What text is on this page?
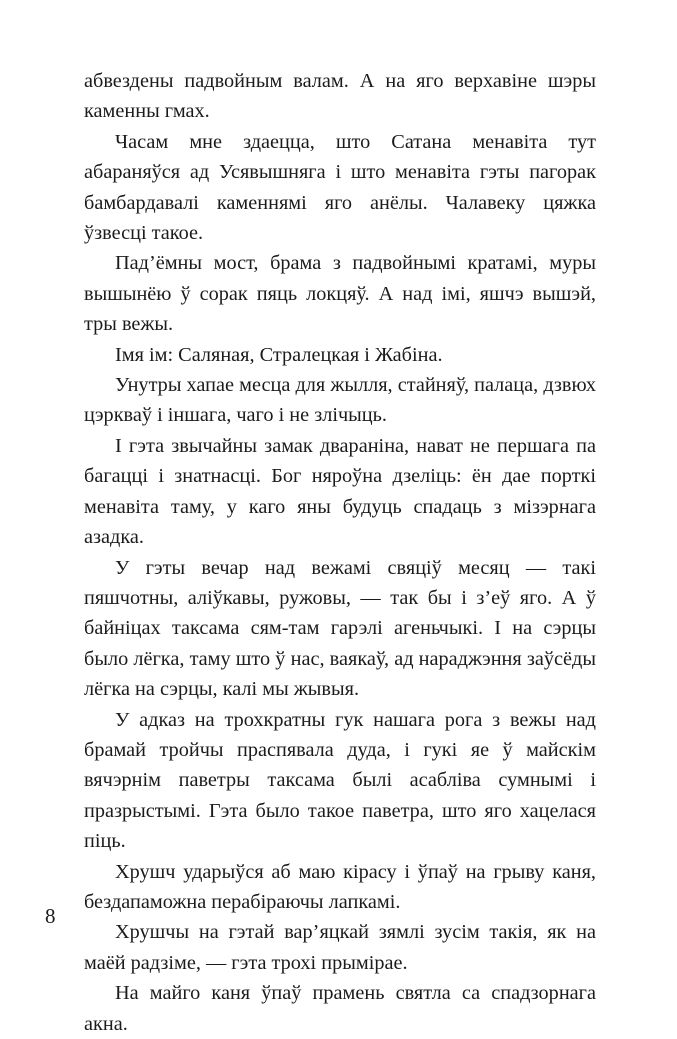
абвездены падвойным валам. А на яго верхавіне шэры каменны гмах.

Часам мне здаецца, што Сатана менавіта тут абараняўся ад Усявышняга і што менавіта гэты пагорак бамбардавалі каменнямі яго анёлы. Чалавеку цяжка ўзвесці такое.

Пад’ёмны мост, брама з падвойнымі кратамі, муры вышынёю ў сорак пяць локцяў. А над імі, яшчэ вышэй, тры вежы.

Імя ім: Саляная, Стралецкая і Жабіна.

Унутры хапае месца для жылля, стайняў, палаца, дзвюх цэркваў і іншага, чаго і не злічыць.

І гэта звычайны замак двараніна, нават не першага па багацці і знатнасці. Бог няроўна дзеліць: ён дае порткі менавіта таму, у каго яны будуць спадаць з мізэрнага азадка.

У гэты вечар над вежамі свяціў месяц — такі пяшчотны, аліўкавы, ружовы, — так бы і з’еў яго. А ў байніцах таксама сям-там гарэлі агеньчыкі. І на сэрцы было лёгка, таму што ў нас, ваякаў, ад нараджэння заўсёды лёгка на сэрцы, калі мы жывыя.

У адказ на трохкратны гук нашага рога з вежы над брамай тройчы праспявала дуда, і гукі яе ў майскім вячэрнім паветры таксама былі асабліва сумнымі і празрыстымі. Гэта было такое паветра, што яго хацелася піць.

Хрушч ударыўся аб маю кірасу і ўпаў на грыву каня, бездапаможна перабіраючы лапкамі.

Хрушчы на гэтай вар’яцкай зямлі зусім такія, як на маёй радзіме, — гэта трохі прымірае.

На майго каня ўпаў прамень святла са спадзорнага акна.

8
